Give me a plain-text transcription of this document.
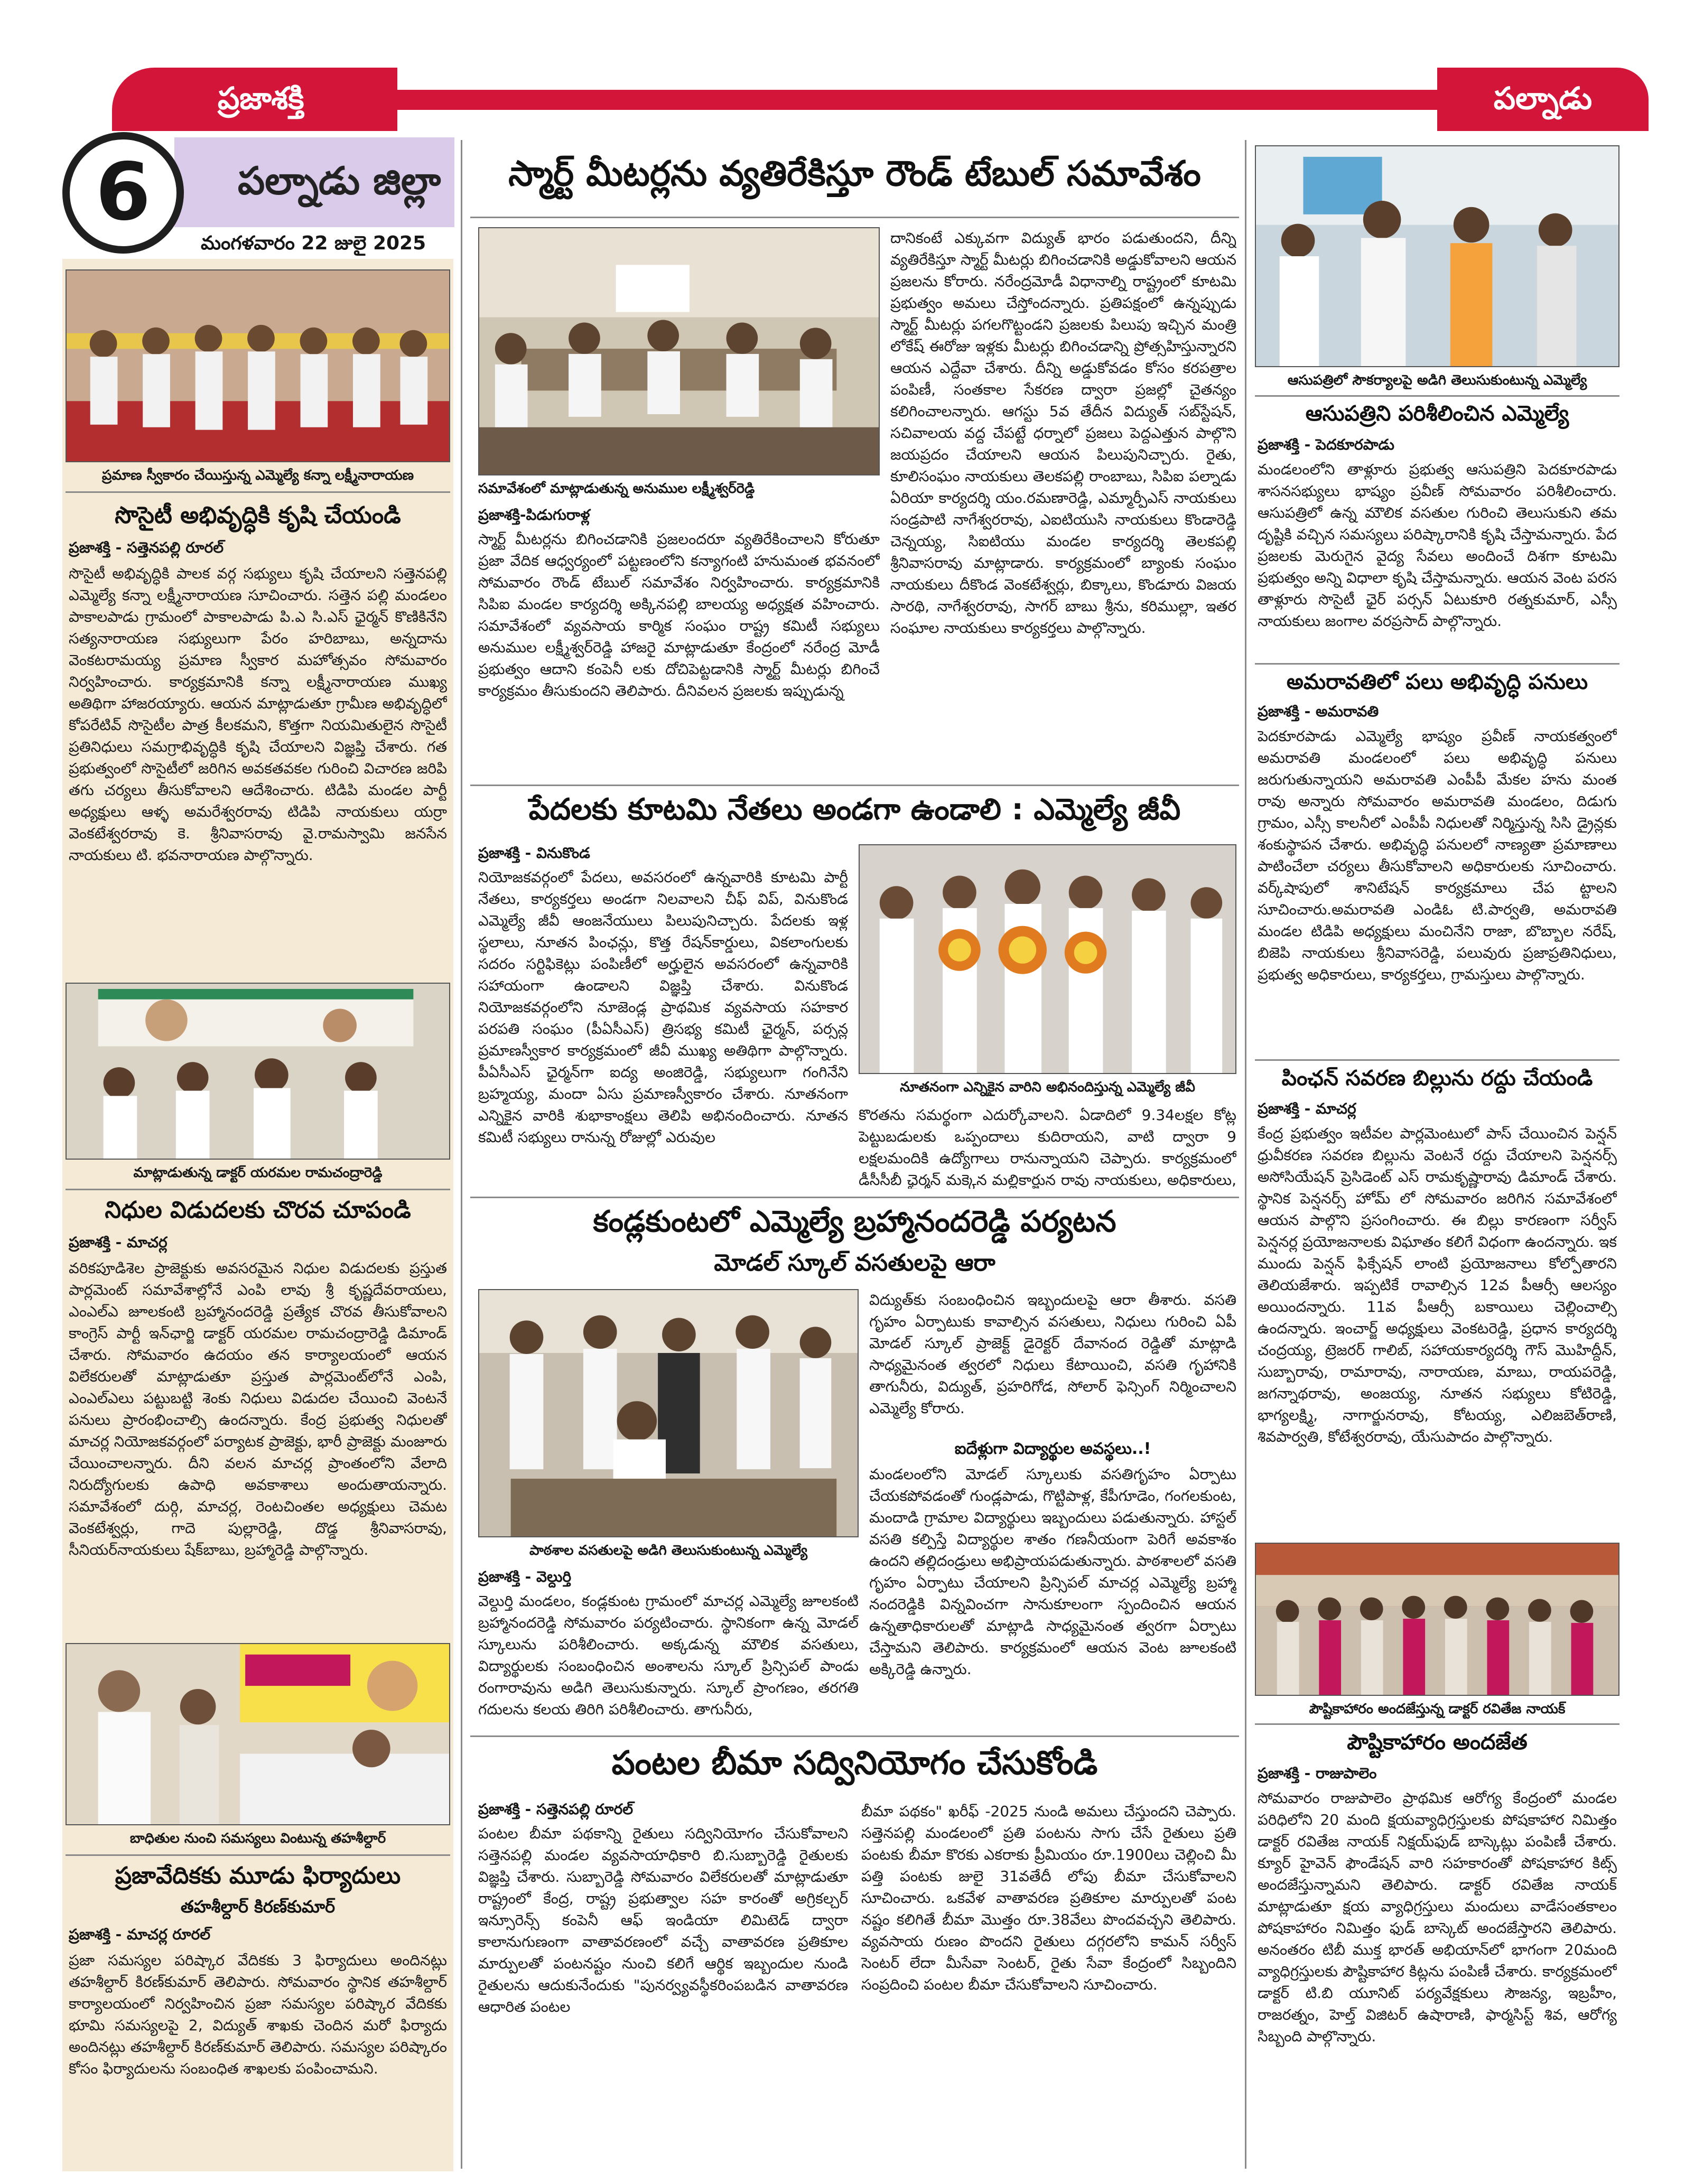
ప్రజాశక్తి	పల్నాడు
పల్నాడు జిల్లా
6
మంగళవారం 22 జులై 2025
ప్రమాణ స్వీకారం చేయిస్తున్న ఎమ్మెల్యే కన్నా లక్ష్మీనారాయణ
సొసైటీ అభివృద్ధికి కృషి చేయండి
ప్రజాశక్తి - సత్తెనపల్లి రూరల్
సొసైటీ అభివృద్ధికి పాలక వర్గ సభ్యులు కృషి చేయాలని సత్తెనపల్లి ఎమ్మెల్యే కన్నా లక్ష్మీనారాయణ సూచించారు. సత్తెన పల్లి మండలం పాకాలపాడు గ్రామంలో పాకాలపాడు పి.ఎ సి.ఎస్ ఛైర్మన్ కొణికినేని సత్యనారాయణ సభ్యులుగా పేరం హరిబాబు, అన్నదాను వెంకటరామయ్య ప్రమాణ స్వీకార మహోత్సవం సోమవారం నిర్వహించారు. కార్యక్రమానికి కన్నా లక్ష్మీనారాయణ ముఖ్య అతిథిగా హాజరయ్యారు. ఆయన మాట్లాడుతూ గ్రామీణ అభివృద్ధిలో కోపరేటివ్ సొసైటీల పాత్ర కీలకమని, కొత్తగా నియమితులైన సొసైటీ ప్రతినిధులు సమగ్రాభివృద్ధికి కృషి చేయాలని విజ్ఞప్తి చేశారు. గత ప్రభుత్వంలో సొసైటీలో జరిగిన అవకతవకల గురించి విచారణ జరిపి తగు చర్యలు తీసుకోవాలని ఆదేశించారు. టిడిపి మండల పార్టీ అధ్యక్షులు ఆళ్ళ అమరేశ్వరరావు టిడిపి నాయకులు యర్రా వెంకటేశ్వరరావు కె. శ్రీనివాసరావు వై.రామస్వామి జనసేన నాయకులు టి. భవనారాయణ పాల్గొన్నారు.
మాట్లాడుతున్న డాక్టర్ యరమల రామచంద్రారెడ్డి
నిధుల విడుదలకు చొరవ చూపండి
ప్రజాశక్తి - మాచర్ల
వరికపూడిశెల ప్రాజెక్టుకు అవసరమైన నిధుల విడుదలకు ప్రస్తుత పార్లమెంట్ సమావేశాల్లోనే ఎంపి లావు శ్రీ కృష్ణదేవరాయలు, ఎంఎల్ఎ జూలకంటి బ్రహ్మానందరెడ్డి ప్రత్యేక చొరవ తీసుకోవాలని కాంగ్రెస్ పార్టీ ఇన్‌ఛార్జి డాక్టర్ యరమల రామచంద్రారెడ్డి డిమాండ్ చేశారు. సోమవారం ఉదయం తన కార్యాలయంలో ఆయన విలేకరులతో మాట్లాడుతూ ప్రస్తుత పార్లమెంట్‌లోనే ఎంపి, ఎంఎల్ఎలు పట్టుబట్టి శెంకు నిధులు విడుదల చేయించి వెంటనే పనులు ప్రారంభించాల్సి ఉందన్నారు. కేంద్ర ప్రభుత్వ నిధులతో మాచర్ల నియోజకవర్గంలో పర్యాటక ప్రాజెక్టు, భారీ ప్రాజెక్టు మంజూరు చేయించాలన్నారు. దీని వలన మాచర్ల ప్రాంతంలోని వేలాది నిరుద్యోగులకు ఉపాధి అవకాశాలు అందుతాయన్నారు. సమావేశంలో దుర్గి, మాచర్ల, రెంటచింతల అధ్యక్షులు చెమట వెంకటేశ్వర్లు, గాదె పుల్లారెడ్డి, దొడ్డ శ్రీనివాసరావు, సీనియర్‌నాయకులు షేక్‌బాబు, బ్రహ్మారెడ్డి పాల్గొన్నారు.
బాధితుల నుంచి సమస్యలు వింటున్న తహశీల్దార్
ప్రజావేదికకు మూడు ఫిర్యాదులు
తహశీల్దార్ కిరణ్‌కుమార్
ప్రజాశక్తి - మాచర్ల రూరల్
ప్రజా సమస్యల పరిష్కార వేదికకు 3 ఫిర్యాదులు అందినట్లు తహశీల్దార్ కిరణ్‌కుమార్ తెలిపారు. సోమవారం స్థానిక తహశీల్దార్ కార్యాలయంలో నిర్వహించిన ప్రజా సమస్యల పరిష్కార వేదికకు భూమి సమస్యలపై 2, విద్యుత్ శాఖకు చెందిన మరో ఫిర్యాదు అందినట్లు తహశీల్దార్ కిరణ్‌కుమార్ తెలిపారు. సమస్యల పరిష్కారం కోసం ఫిర్యాదులను సంబంధిత శాఖలకు పంపించామని.
స్మార్ట్ మీటర్లను వ్యతిరేకిస్తూ రౌండ్ టేబుల్ సమావేశం
సమావేశంలో మాట్లాడుతున్న అనుముల లక్ష్మీశ్వర్‌రెడ్డి
ప్రజాశక్తి-పిడుగురాళ్ల
స్మార్ట్ మీటర్లను బిగించడానికి ప్రజలందరూ వ్యతిరేకించాలని కోరుతూ ప్రజా వేదిక ఆధ్వర్యంలో పట్టణంలోని కన్యాగంటి హనుమంత భవనంలో సోమవారం రౌండ్ టేబుల్ సమావేశం నిర్వహించారు. కార్యక్రమానికి సిపిఐ మండల కార్యదర్శి అక్కినపల్లి బాలయ్య అధ్యక్షత వహించారు. సమావేశంలో వ్యవసాయ కార్మిక సంఘం రాష్ట్ర కమిటీ సభ్యులు అనుముల లక్ష్మీశ్వర్‌రెడ్డి హాజరై మాట్లాడుతూ కేంద్రంలో నరేంద్ర మోడీ ప్రభుత్వం ఆదాని కంపెనీ లకు దోచిపెట్టడానికి స్మార్ట్ మీటర్లు బిగించే కార్యక్రమం తీసుకుందని తెలిపారు. దీనివలన ప్రజలకు ఇప్పుడున్న
దానికంటే ఎక్కువగా విద్యుత్ భారం పడుతుందని, దీన్ని వ్యతిరేకిస్తూ స్మార్ట్ మీటర్లు బిగించడానికి అడ్డుకోవాలని ఆయన ప్రజలను కోరారు. నరేంద్రమోడీ విధానాల్ని రాష్ట్రంలో కూటమి ప్రభుత్వం అమలు చేస్తోందన్నారు. ప్రతిపక్షంలో ఉన్నప్పుడు స్మార్ట్ మీటర్లు పగలగొట్టండని ప్రజలకు పిలుపు ఇచ్చిన మంత్రి లోకేష్ ఈరోజు ఇళ్లకు మీటర్లు బిగించడాన్ని ప్రోత్సహిస్తున్నారని ఆయన ఎద్దేవా చేశారు. దీన్ని అడ్డుకోవడం కోసం కరపత్రాల పంపిణీ, సంతకాల సేకరణ ద్వారా ప్రజల్లో చైతన్యం కలిగించాలన్నారు. ఆగస్టు 5వ తేదీన విద్యుత్ సబ్‌స్టేషన్, సచివాలయ వద్ద చేపట్టే ధర్నాలో ప్రజలు పెద్దఎత్తున పాల్గొని జయప్రదం చేయాలని ఆయన పిలుపునిచ్చారు. రైతు, కూలిసంఘం నాయకులు తెలకపల్లి రాంబాబు, సిపిఐ పల్నాడు ఏరియా కార్యదర్శి యం.రమణారెడ్డి, ఎమ్మార్పీఎస్ నాయకులు సండ్రపాటి నాగేశ్వరరావు, ఎఐటియుసి నాయకులు కొండారెడ్డి చెన్నయ్య, సిఐటియు మండల కార్యదర్శి తెలకపల్లి శ్రీనివాసరావు మాట్లాడారు. కార్యక్రమంలో బ్యాంకు సంఘం నాయకులు దీకొండ వెంకటేశ్వర్లు, బిక్కాలు, కొండూరు విజయ సారథి, నాగేశ్వరరావు, సాగర్ బాబు శ్రీను, కరిముల్లా, ఇతర సంఘాల నాయకులు కార్యకర్తలు పాల్గొన్నారు.
పేదలకు కూటమి నేతలు అండగా ఉండాలి : ఎమ్మెల్యే జీవీ
ప్రజాశక్తి - వినుకొండ
నియోజకవర్గంలో పేదలు, అవసరంలో ఉన్నవారికి కూటమి పార్టీ నేతలు, కార్యకర్తలు అండగా నిలవాలని చీఫ్ విప్, వినుకొండ ఎమ్మెల్యే జీవీ ఆంజనేయులు పిలుపునిచ్చారు. పేదలకు ఇళ్ల స్థలాలు, నూతన పింఛన్లు, కొత్త రేషన్‌కార్డులు, వికలాంగులకు సదరం సర్టిఫికెట్లు పంపిణీలో అర్హులైన అవసరంలో ఉన్నవారికి సహాయంగా ఉండాలని విజ్ఞప్తి చేశారు. వినుకొండ నియోజకవర్గంలోని నూజెండ్ల ప్రాథమిక వ్యవసాయ సహకార పరపతి సంఘం (పీఏసీఎస్) త్రిసభ్య కమిటీ ఛైర్మన్, పర్సన్ల ప్రమాణస్వీకార కార్యక్రమంలో జీవీ ముఖ్య అతిథిగా పాల్గొన్నారు. పీఏసీఎస్ ఛైర్మన్‌గా ఐద్య అంజిరెడ్డి, సభ్యులుగా గంగినేని బ్రహ్మయ్య, మందా ఏసు ప్రమాణస్వీకారం చేశారు. నూతనంగా ఎన్నికైన వారికి శుభాకాంక్షలు తెలిపి అభినందించారు. నూతన కమిటీ సభ్యులు రానున్న రోజుల్లో ఎరువుల
నూతనంగా ఎన్నికైన వారిని అభినందిస్తున్న ఎమ్మెల్యే జీవీ
కొరతను సమర్థంగా ఎదుర్కోవాలని. ఏడాదిలో 9.34లక్షల కోట్ల పెట్టుబడులకు ఒప్పందాలు కుదిరాయని, వాటి ద్వారా 9 లక్షలమందికి ఉద్యోగాలు రానున్నాయని చెప్పారు. కార్యక్రమంలో డీసీసీబీ ఛైర్మన్ మక్కెన మల్లికార్జున రావు నాయకులు, అధికారులు,
కండ్లకుంటలో ఎమ్మెల్యే బ్రహ్మానందరెడ్డి పర్యటన
మోడల్ స్కూల్ వసతులపై ఆరా
పాఠశాల వసతులపై అడిగి తెలుసుకుంటున్న ఎమ్మెల్యే
ప్రజాశక్తి - వెల్దుర్తి
వెల్దుర్తి మండలం, కండ్లకుంట గ్రామంలో మాచర్ల ఎమ్మెల్యే జూలకంటి బ్రహ్మానందరెడ్డి సోమవారం పర్యటించారు. స్థానికంగా ఉన్న మోడల్ స్కూలును పరిశీలించారు. అక్కడున్న మౌలిక వసతులు, విద్యార్థులకు సంబంధించిన అంశాలను స్కూల్ ప్రిన్సిపల్ పాండు రంగారావును అడిగి తెలుసుకున్నారు. స్కూల్ ప్రాంగణం, తరగతి గదులను కలయ తిరిగి పరిశీలించారు. తాగునీరు,
విద్యుత్‌కు సంబంధించిన ఇబ్బందులపై ఆరా తీశారు. వసతి గృహం ఏర్పాటుకు కావాల్సిన వసతులు, నిధులు గురించి ఏపీ మోడల్ స్కూల్ ప్రాజెక్ట్ డైరెక్టర్ దేవానంద రెడ్డితో మాట్లాడి సాధ్యమైనంత త్వరలో నిధులు కేటాయించి, వసతి గృహానికి తాగునీరు, విద్యుత్, ప్రహరిగోడ, సోలార్ ఫెన్సింగ్ నిర్మించాలని ఎమ్మెల్యే కోరారు.
ఐదేళ్లుగా విద్యార్థుల అవస్థలు..!
మండలంలోని మోడల్ స్కూలుకు వసతిగృహం ఏర్పాటు చేయకపోవడంతో గుండ్లపాడు, గొట్టిపాళ్ల, కేపీగూడెం, గంగలకుంట, మందాడి గ్రామాల విద్యార్థులు ఇబ్బందులు పడుతున్నారు. హాస్టల్ వసతి కల్పిస్తే విద్యార్థుల శాతం గణనీయంగా పెరిగే అవకాశం ఉందని తల్లిదండ్రులు అభిప్రాయపడుతున్నారు. పాఠశాలలో వసతి గృహం ఏర్పాటు చేయాలని ప్రిన్సిపల్ మాచర్ల ఎమ్మెల్యే బ్రహ్మా నందరెడ్డికి విన్నవించగా సానుకూలంగా స్పందించిన ఆయన ఉన్నతాధికారులతో మాట్లాడి సాధ్యమైనంత త్వరగా ఏర్పాటు చేస్తామని తెలిపారు. కార్యక్రమంలో ఆయన వెంట జూలకంటి అక్కిరెడ్డి ఉన్నారు.
పంటల బీమా సద్వినియోగం చేసుకోండి
ప్రజాశక్తి - సత్తెనపల్లి రూరల్
పంటల బీమా పథకాన్ని రైతులు సద్వినియోగం చేసుకోవాలని సత్తెనపల్లి మండల వ్యవసాయాధికారి బి.సుబ్బారెడ్డి రైతులకు విజ్ఞప్తి చేశారు. సుబ్బారెడ్డి సోమవారం విలేకరులతో మాట్లాడుతూ రాష్ట్రంలో కేంద్ర, రాష్ట్ర ప్రభుత్వాల సహ కారంతో అగ్రికల్చర్ ఇన్సూరెన్స్ కంపెనీ ఆఫ్ ఇండియా లిమిటెడ్ ద్వారా కాలానుగుణంగా వాతావరణంలో వచ్చే వాతావరణ ప్రతికూల మార్పులతో పంటనష్టం నుంచి కలిగే ఆర్థిక ఇబ్బందుల నుండి రైతులను ఆదుకునేందుకు "పునర్వ్యవస్థీకరింపబడిన వాతావరణ ఆధారిత పంటల
బీమా పథకం" ఖరీఫ్ -2025 నుండి అమలు చేస్తుందని చెప్పారు. సత్తెనపల్లి మండలంలో ప్రతి పంటను సాగు చేసే రైతులు ప్రతి పంటకు బీమా కొరకు ఎకరాకు ప్రీమియం రూ.1900లు చెల్లించి మీ పత్తి పంటకు జులై 31వతేదీ లోపు బీమా చేసుకోవాలని సూచించారు. ఒకవేళ వాతావరణ ప్రతికూల మార్పులతో పంట నష్టం కలిగితే బీమా మొత్తం రూ.38వేలు పొందవచ్చని తెలిపారు. వ్యవసాయ రుణం పొందని రైతులు దగ్గరలోని కామన్ సర్వీస్ సెంటర్ లేదా మీసేవా సెంటర్, రైతు సేవా కేంద్రంలో సిబ్బందిని సంప్రదించి పంటల బీమా చేసుకోవాలని సూచించారు.
ఆసుపత్రిలో సౌకర్యాలపై అడిగి తెలుసుకుంటున్న ఎమ్మెల్యే
ఆసుపత్రిని పరిశీలించిన ఎమ్మెల్యే
ప్రజాశక్తి - పెదకూరపాడు
మండలంలోని తాళ్లూరు ప్రభుత్వ ఆసుపత్రిని పెదకూరపాడు శాసనసభ్యులు భాష్యం ప్రవీణ్ సోమవారం పరిశీలించారు. ఆసుపత్రిలో ఉన్న మౌలిక వసతుల గురించి తెలుసుకుని తమ దృష్టికి వచ్చిన సమస్యలు పరిష్కారానికి కృషి చేస్తామన్నారు. పేద ప్రజలకు మెరుగైన వైద్య సేవలు అందించే దిశగా కూటమి ప్రభుత్వం అన్ని విధాలా కృషి చేస్తామన్నారు. ఆయన వెంట పరస తాళ్లూరు సొసైటీ ఛైర్ పర్సన్ ఏటుకూరి రత్నకుమార్, ఎస్సీ నాయకులు జంగాల వరప్రసాద్ పాల్గొన్నారు.
అమరావతిలో పలు అభివృద్ధి పనులు
ప్రజాశక్తి - అమరావతి
పెదకూరపాడు ఎమ్మెల్యే భాష్యం ప్రవీణ్ నాయకత్వంలో అమరావతి మండలంలో పలు అభివృద్ధి పనులు జరుగుతున్నాయని అమరావతి ఎంపీపీ మేకల హను మంత రావు అన్నారు సోమవారం అమరావతి మండలం, దిడుగు గ్రామం, ఎస్సీ కాలనీలో ఎంపీపీ నిధులతో నిర్మిస్తున్న సిసి డ్రైన్లకు శంకుస్థాపన చేశారు. అభివృద్ధి పనులలో నాణ్యతా ప్రమాణాలు పాటించేలా చర్యలు తీసుకోవాలని అధికారులకు సూచించారు. వర్క్‌షాపులో శానిటేషన్ కార్యక్రమాలు చేప ట్టాలని సూచించారు.అమరావతి ఎండిఓ టి.పార్వతి, అమరావతి మండల టిడిపి అధ్యక్షులు మంచినేని రాజా, బొబ్బాల నరేష్, బిజెపి నాయకులు శ్రీనివాసరెడ్డి, పలువురు ప్రజాప్రతినిధులు, ప్రభుత్వ అధికారులు, కార్యకర్తలు, గ్రామస్తులు పాల్గొన్నారు.
పింఛన్ సవరణ బిల్లును రద్దు చేయండి
ప్రజాశక్తి - మాచర్ల
కేంద్ర ప్రభుత్వం ఇటీవల పార్లమెంటులో పాస్ చేయించిన పెన్షన్ ధ్రువీకరణ సవరణ బిల్లును వెంటనే రద్దు చేయాలని పెన్షనర్స్ అసోసియేషన్ ప్రెసిడెంట్ ఎస్ రామకృష్ణారావు డిమాండ్ చేశారు. స్థానిక పెన్షనర్స్ హోమ్ లో సోమవారం జరిగిన సమావేశంలో ఆయన పాల్గొని ప్రసంగించారు. ఈ బిల్లు కారణంగా సర్వీస్ పెన్షనర్ల ప్రయోజనాలకు విఘాతం కలిగే విధంగా ఉందన్నారు. ఇక ముందు పెన్షన్ ఫిక్సేషన్ లాంటి ప్రయోజనాలు కోల్పోతారని తెలియజేశారు. ఇప్పటికే రావాల్సిన 12వ పీఆర్సీ ఆలస్యం అయిందన్నారు. 11వ పీఆర్సీ బకాయిలు చెల్లించాల్సి ఉందన్నారు. ఇంచార్జ్ అధ్యక్షులు వెంకటరెడ్డి, ప్రధాన కార్యదర్శి చంద్రయ్య, ట్రెజరర్ గాలిబ్, సహాయకార్యదర్శి గౌస్ మొహిద్దీన్, సుబ్బారావు, రామారావు, నారాయణ, మాబు, రాయపరెడ్డి, జగన్నాథరావు, అంజయ్య, నూతన సభ్యులు కోటిరెడ్డి, భాగ్యలక్ష్మి, నాగార్జునరావు, కోటయ్య, ఎలిజబెత్‌రాణి, శివపార్వతి, కోటేశ్వరరావు, యేసుపాదం పాల్గొన్నారు.
పౌష్టికాహారం అందజేస్తున్న డాక్టర్ రవితేజ నాయక్
పౌష్టికాహారం అందజేత
ప్రజాశక్తి - రాజుపాలెం
సోమవారం రాజుపాలెం ప్రాథమిక ఆరోగ్య కేంద్రంలో మండల పరిధిలోని 20 మంది క్షయవ్యాధిగ్రస్తులకు పోషకాహార నిమిత్తం డాక్టర్ రవితేజ నాయక్ నిక్షయ్‌ఫుడ్ బాస్కెట్లు పంపిణీ చేశారు. క్యూర్ హైవెన్ ఫౌండేషన్ వారి సహకారంతో పోషకాహార కిట్స్ అందజేస్తున్నామని తెలిపారు. డాక్టర్ రవితేజ నాయక్ మాట్లాడుతూ క్షయ వ్యాధిగ్రస్తులు మందులు వాడేసంతకాలం పోషకాహారం నిమిత్తం ఫుడ్ బాస్కెట్ అందజేస్తారని తెలిపారు. అనంతరం టిబీ ముక్త భారత్ అభియాన్‌లో భాగంగా 20మంది వ్యాధిగ్రస్తులకు పౌష్టికాహార కిట్లను పంపిణీ చేశారు. కార్యక్రమంలో డాక్టర్ టి.బి యూనిట్ పర్యవేక్షకులు సౌజన్య, ఇబ్రహీం, రాజరత్నం, హెల్త్ విజిటర్ ఉషారాణి, ఫార్మసిస్ట్ శివ, ఆరోగ్య సిబ్బంది పాల్గొన్నారు.
